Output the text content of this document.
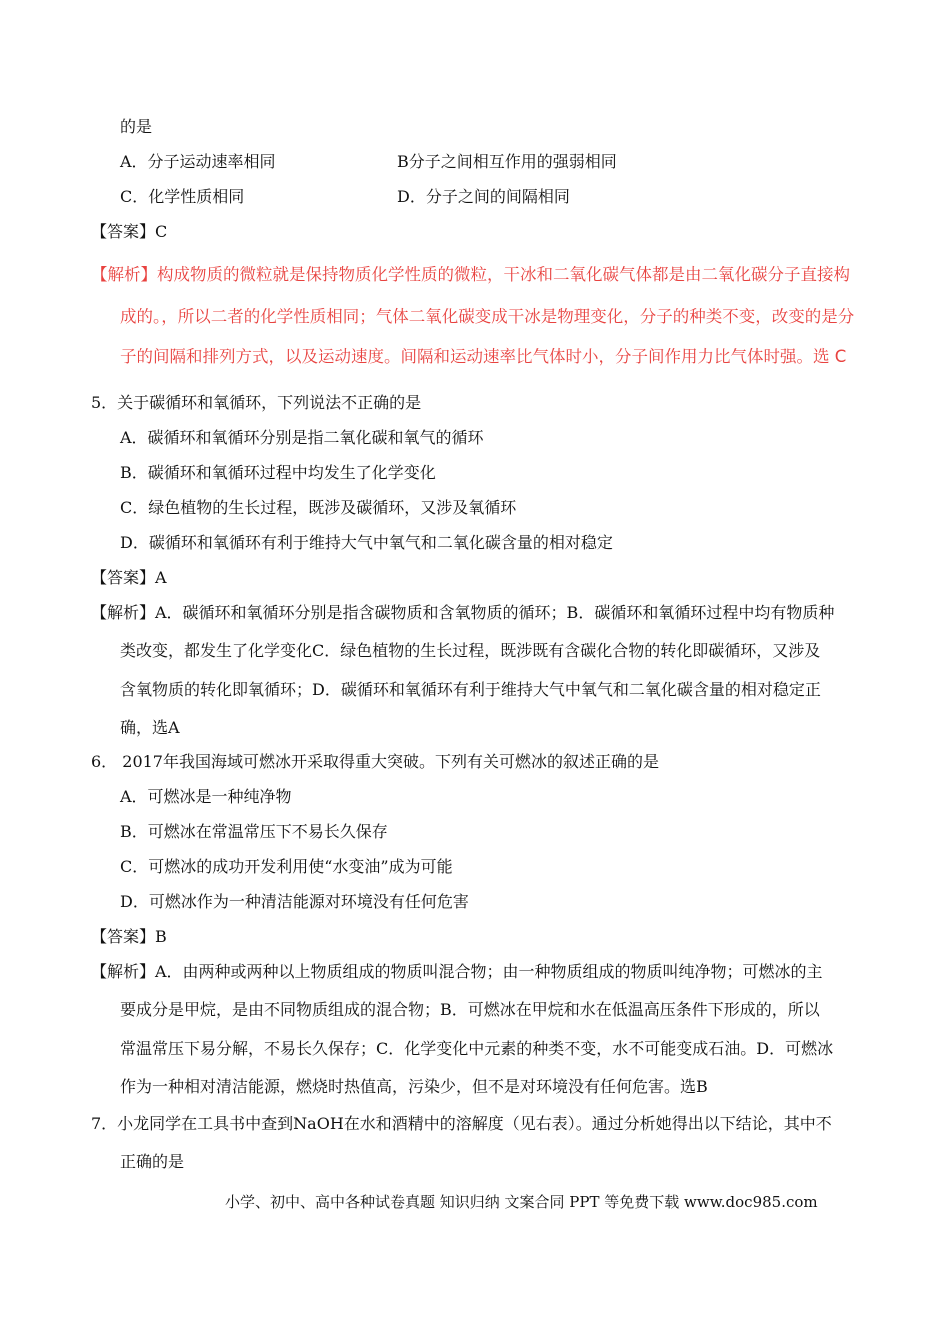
的是
A．分子运动速率相同	B分子之间相互作用的强弱相同
C．化学性质相同	D．分子之间的间隔相同
【答案】C
【解析】构成物质的微粒就是保持物质化学性质的微粒，干冰和二氧化碳气体都是由二氧化碳分子直接构
成的。，所以二者的化学性质相同；气体二氧化碳变成干冰是物理变化，分子的种类不变，改变的是分
子的间隔和排列方式，以及运动速度。间隔和运动速率比气体时小，分子间作用力比气体时强。选 C
5．关于碳循环和氧循环，下列说法不正确的是
A．碳循环和氧循环分别是指二氧化碳和氧气的循环
B．碳循环和氧循环过程中均发生了化学变化
C．绿色植物的生长过程，既涉及碳循环，又涉及氧循环
D．碳循环和氧循环有利于维持大气中氧气和二氧化碳含量的相对稳定
【答案】A
【解析】A．碳循环和氧循环分别是指含碳物质和含氧物质的循环；B．碳循环和氧循环过程中均有物质种
类改变，都发生了化学变化C．绿色植物的生长过程，既涉既有含碳化合物的转化即碳循环，又涉及
含氧物质的转化即氧循环；D．碳循环和氧循环有利于维持大气中氧气和二氧化碳含量的相对稳定正
确，选A
6． 2017年我国海域可燃冰开采取得重大突破。下列有关可燃冰的叙述正确的是
A．可燃冰是一种纯净物
B．可燃冰在常温常压下不易长久保存
C．可燃冰的成功开发利用使“水变油”成为可能
D．可燃冰作为一种清洁能源对环境没有任何危害
【答案】B
【解析】A．由两种或两种以上物质组成的物质叫混合物；由一种物质组成的物质叫纯净物；可燃冰的主
要成分是甲烷，是由不同物质组成的混合物；B．可燃冰在甲烷和水在低温高压条件下形成的，所以
常温常压下易分解，不易长久保存；C．化学变化中元素的种类不变，水不可能变成石油。D．可燃冰
作为一种相对清洁能源，燃烧时热值高，污染少，但不是对环境没有任何危害。选B
7．小龙同学在工具书中查到NaOH在水和酒精中的溶解度（见右表）。通过分析她得出以下结论，其中不
正确的是
小学、初中、高中各种试卷真题 知识归纳 文案合同 PPT 等免费下载 www.doc985.com
